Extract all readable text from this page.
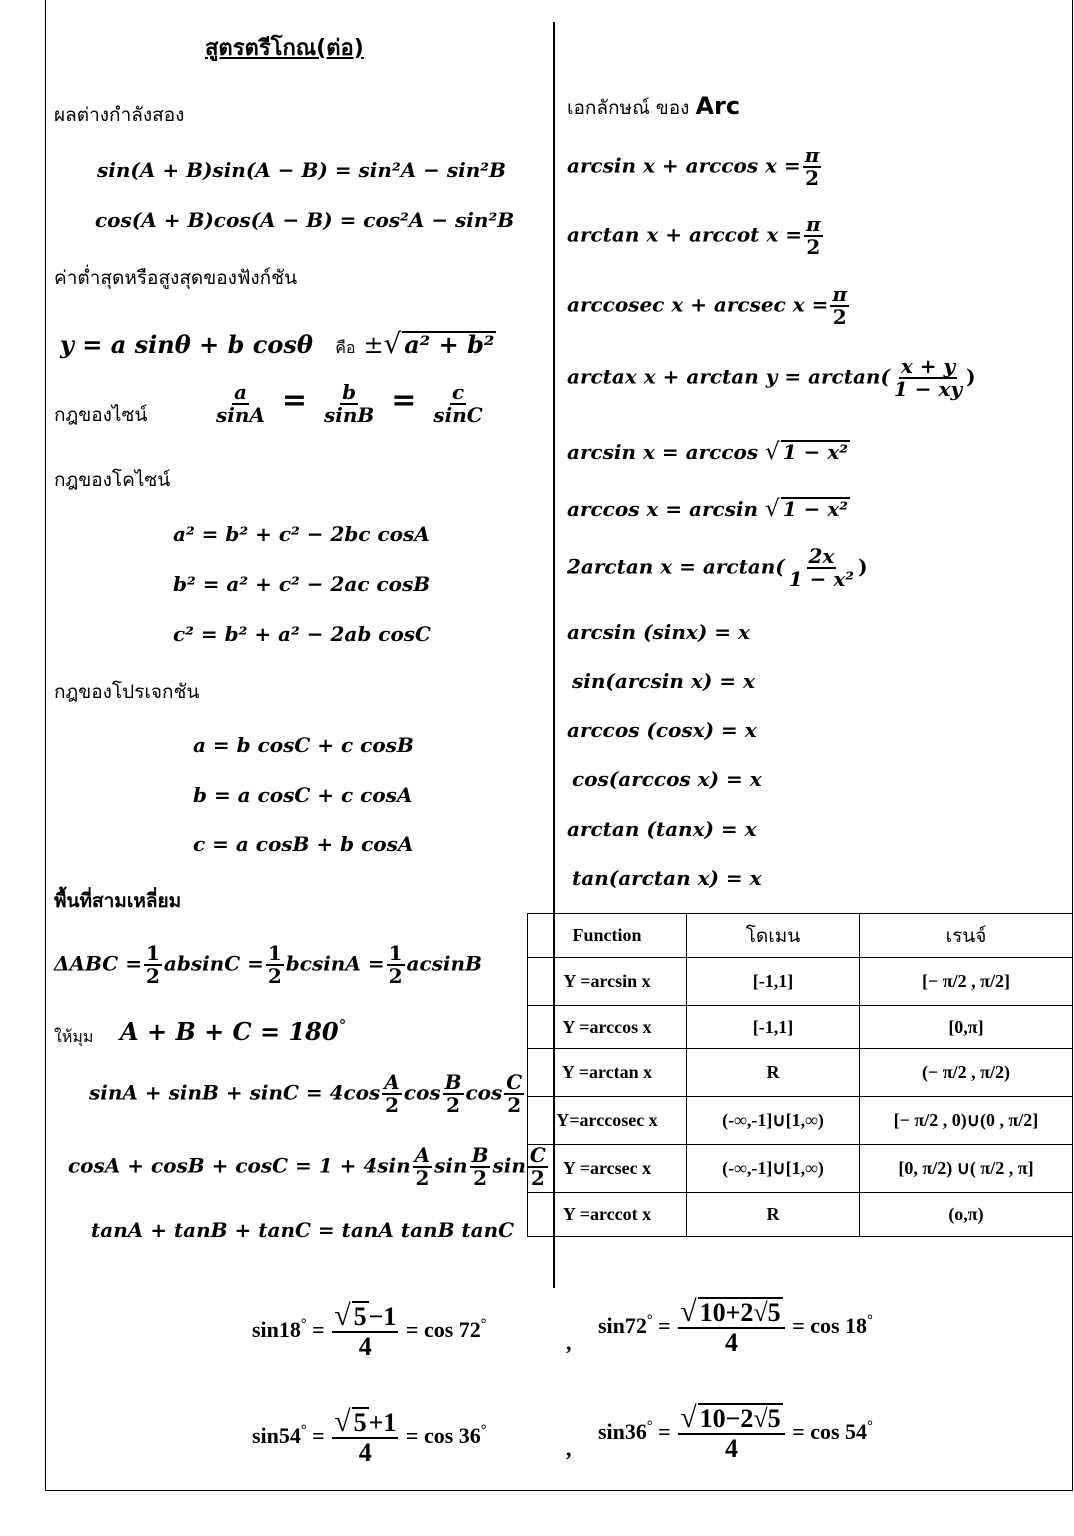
สูตรตรีโกณ(ต่อ)
ผลต่างกำลังสอง
sin(A + B)sin(A − B) = sin²A − sin²B
cos(A + B)cos(A − B) = cos²A − sin²B
ค่าต่ำสุดหรือสูงสุดของฟังก์ชัน
y = a sinθ + b cosθ คือ ±√ a² + b²
กฎของไซน์	$\frac{a}{\sin A} = \frac{b}{\sin B} = \frac{c}{\sin C}$
กฎของโคไซน์
a² = b² + c² − 2bc cosA
b² = a² + c² − 2ac cosB
c² = b² + a² − 2ab cosC
กฎของโปรเจกชัน
a = b cosC + c cosB
b = a cosC + c cosA
c = a cosB + b cosA
พื้นที่สามเหลี่ยม
$\Delta ABC = \frac{1}{2}$ $absinC = \frac{1}{2}$ $bcsinA = \frac{1}{2}$ acsinB
ให้มุม A + B + C = 180°
$\sin A + \sin B + \sin C = 4\cos \frac{A}{2}$ $\cos \frac{B}{2}$ $\cos \frac{C}{2}$
$\cos A + \cos B + \cos C = 1 + 4\sin \frac{A}{2}$ $\sin \frac{B}{2}$ $\sin \frac{C}{2}$
tanA + tanB + tanC = tanA tanB tanC
เอกลักษณ์ ของ Arc
$\arcsin x + \arccos x = \frac{\pi}{2}$
arctan x + arccot $x = \frac{\pi}{2}$
arccosec x + arcsec $x = \frac{\pi}{2}$
arctax $x + \arctan y = \arctan( \frac{x + y}{1 - xy}$ )
arcsin x = arccos √ 1 − x²
arccos x = arcsin √ 1 − x²
2arctan $x = \arctan( \frac{2x}{\text{1 − x²}}$ )
arcsin (sinx) = x
sin(arcsin x) = x
arccos (cosx) = x
cos(arccos x) = x
arctan (tanx) = x
tan(arctan x) = x
Function	โดเมน	เรนจ์
Y =arcsin x	[-1,1]	[− π/2 , π/2]
Y =arccos x	[-1,1]	[0,π]
Y =arctan x	R	(− π/2 , π/2)
Y=arccosec x	(-∞,-1]∪[1,∞)	[− π/2 , 0)∪(0 , π/2]
Y =arcsec x	(-∞,-1]∪[1,∞)	[0, π/2) ∪( π/2 , π]
Y =arccot x	R	(o,π)
$\sin 18^\circ = \frac{√ 5-1}{4} = \cos 72^\circ$
,
$\sin 72^\circ = \frac{√ 10+2√5}{4} = \cos 18^\circ$
$\sin 54^\circ = \frac{√ 5+1}{4} = \cos 36^\circ$
,
$\sin 36^\circ = \frac{√ 10-2√5}{4} = \cos 54^\circ$
